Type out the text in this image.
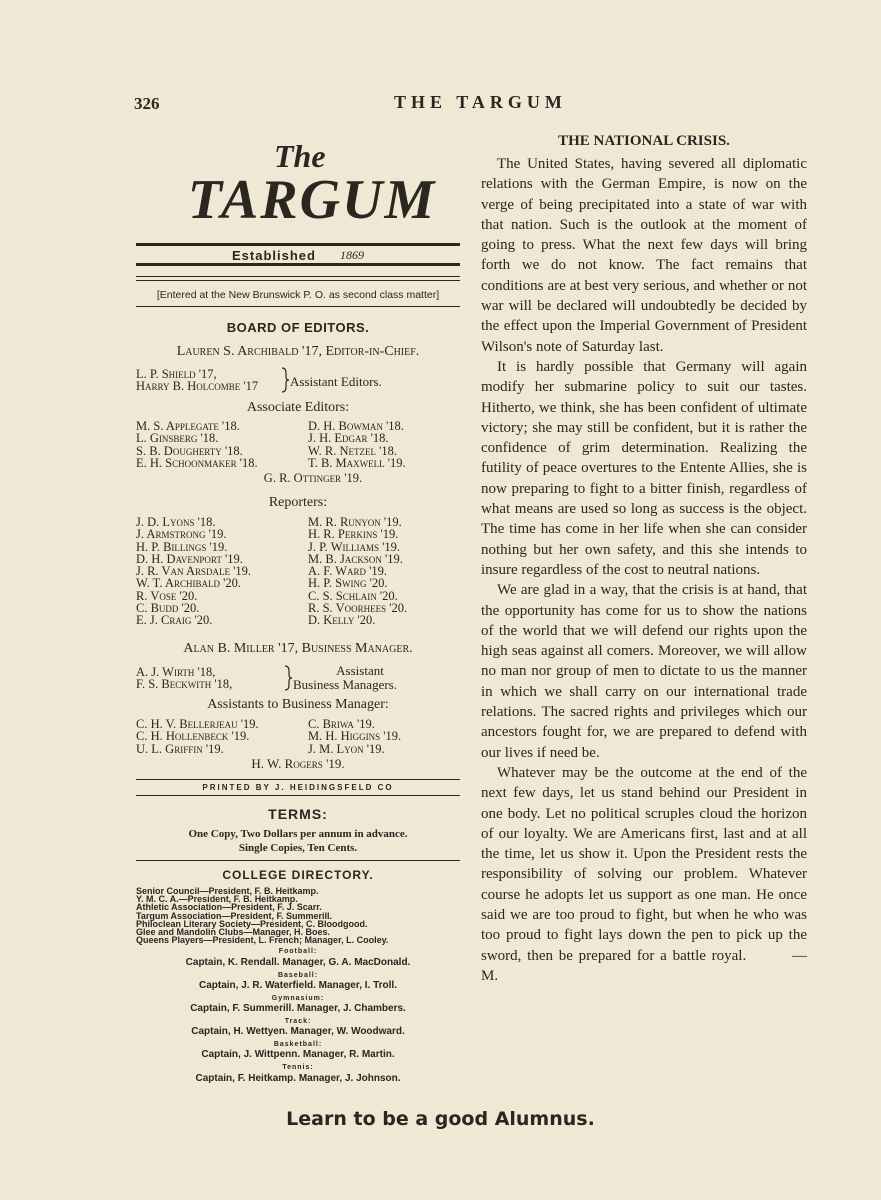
326	THE TARGUM
The
TARGUM
Established 1869
[Entered at the New Brunswick P. O. as second class matter]
BOARD OF EDITORS.
Lauren S. Archibald '17, Editor-in-Chief.
L. P. Shield '17,
Harry B. Holcombe '17 Assistant Editors.
Associate Editors:
M. S. Applegate '18.	D. H. Bowman '18.
L. Ginsberg '18.	J. H. Edgar '18.
S. B. Dougherty '18.	W. R. Netzel '18.
E. H. Schoonmaker '18.	T. B. Maxwell '19.
G. R. Ottinger '19.
Reporters:
J. D. Lyons '18.	M. R. Runyon '19.
J. Armstrong '19.	H. R. Perkins '19.
H. P. Billings '19.	J. P. Williams '19.
D. H. Davenport '19.	M. B. Jackson '19.
J. R. Van Arsdale '19.	A. F. Ward '19.
W. T. Archibald '20.	H. P. Swing '20.
R. Vose '20.	C. S. Schlain '20.
C. Budd '20.	R. S. Voorhees '20.
E. J. Craig '20.	D. Kelly '20.
Alan B. Miller '17, Business Manager.
A. J. Wirth '18,
F. S. Beckwith '18,
Assistant
Business Managers.
Assistants to Business Manager:
C. H. V. Bellerjeau '19.	C. Briwa '19.
C. H. Hollenbeck '19.	M. H. Higgins '19.
U. L. Griffin '19.	J. M. Lyon '19.
H. W. Rogers '19.
PRINTED BY J. HEIDINGSFELD CO
TERMS:
One Copy, Two Dollars per annum in advance.
Single Copies, Ten Cents.
COLLEGE DIRECTORY.
Senior Council—President, F. B. Heitkamp.
Y. M. C. A.—President, F. B. Heitkamp.
Athletic Association—President, F. J. Scarr.
Targum Association—President, F. Summerill.
Philoclean Literary Society—President, C. Bloodgood.
Glee and Mandolin Clubs—Manager, H. Boes.
Queens Players—President, L. French; Manager, L. Cooley.
Football:
Captain, K. Rendall. Manager, G. A. MacDonald.
Baseball:
Captain, J. R. Waterfield. Manager, I. Troll.
Gymnasium:
Captain, F. Summerill. Manager, J. Chambers.
Track:
Captain, H. Wettyen. Manager, W. Woodward.
Basketball:
Captain, J. Wittpenn. Manager, R. Martin.
Tennis:
Captain, F. Heitkamp. Manager, J. Johnson.
THE NATIONAL CRISIS.

The United States, having severed all diplomatic relations with the German Empire, is now on the verge of being precipitated into a state of war with that nation. Such is the outlook at the moment of going to press. What the next few days will bring forth we do not know. The fact remains that conditions are at best very serious, and whether or not war will be declared will undoubtedly be decided by the effect upon the Imperial Government of President Wilson's note of Saturday last.

It is hardly possible that Germany will again modify her submarine policy to suit our tastes. Hitherto, we think, she has been confident of ultimate victory; she may still be confident, but it is rather the confidence of grim determination. Realizing the futility of peace overtures to the Entente Allies, she is now preparing to fight to a bitter finish, regardless of what means are used so long as success is the object. The time has come in her life when she can consider nothing but her own safety, and this she intends to insure regardless of the cost to neutral nations.

We are glad in a way, that the crisis is at hand, that the opportunity has come for us to show the nations of the world that we will defend our rights upon the high seas against all comers. Moreover, we will allow no man nor group of men to dictate to us the manner in which we shall carry on our international trade relations. The sacred rights and privileges which our ancestors fought for, we are prepared to defend with our lives if need be.

Whatever may be the outcome at the end of the next few days, let us stand behind our President in one body. Let no political scruples cloud the horizon of our loyalty. We are Americans first, last and at all the time, let us show it. Upon the President rests the responsibility of solving our problem. Whatever course he adopts let us support as one man. He once said we are too proud to fight, but when he who was too proud to fight lays down the pen to pick up the sword, then be prepared for a battle royal.	—M.

Learn to be a good Alumnus.
